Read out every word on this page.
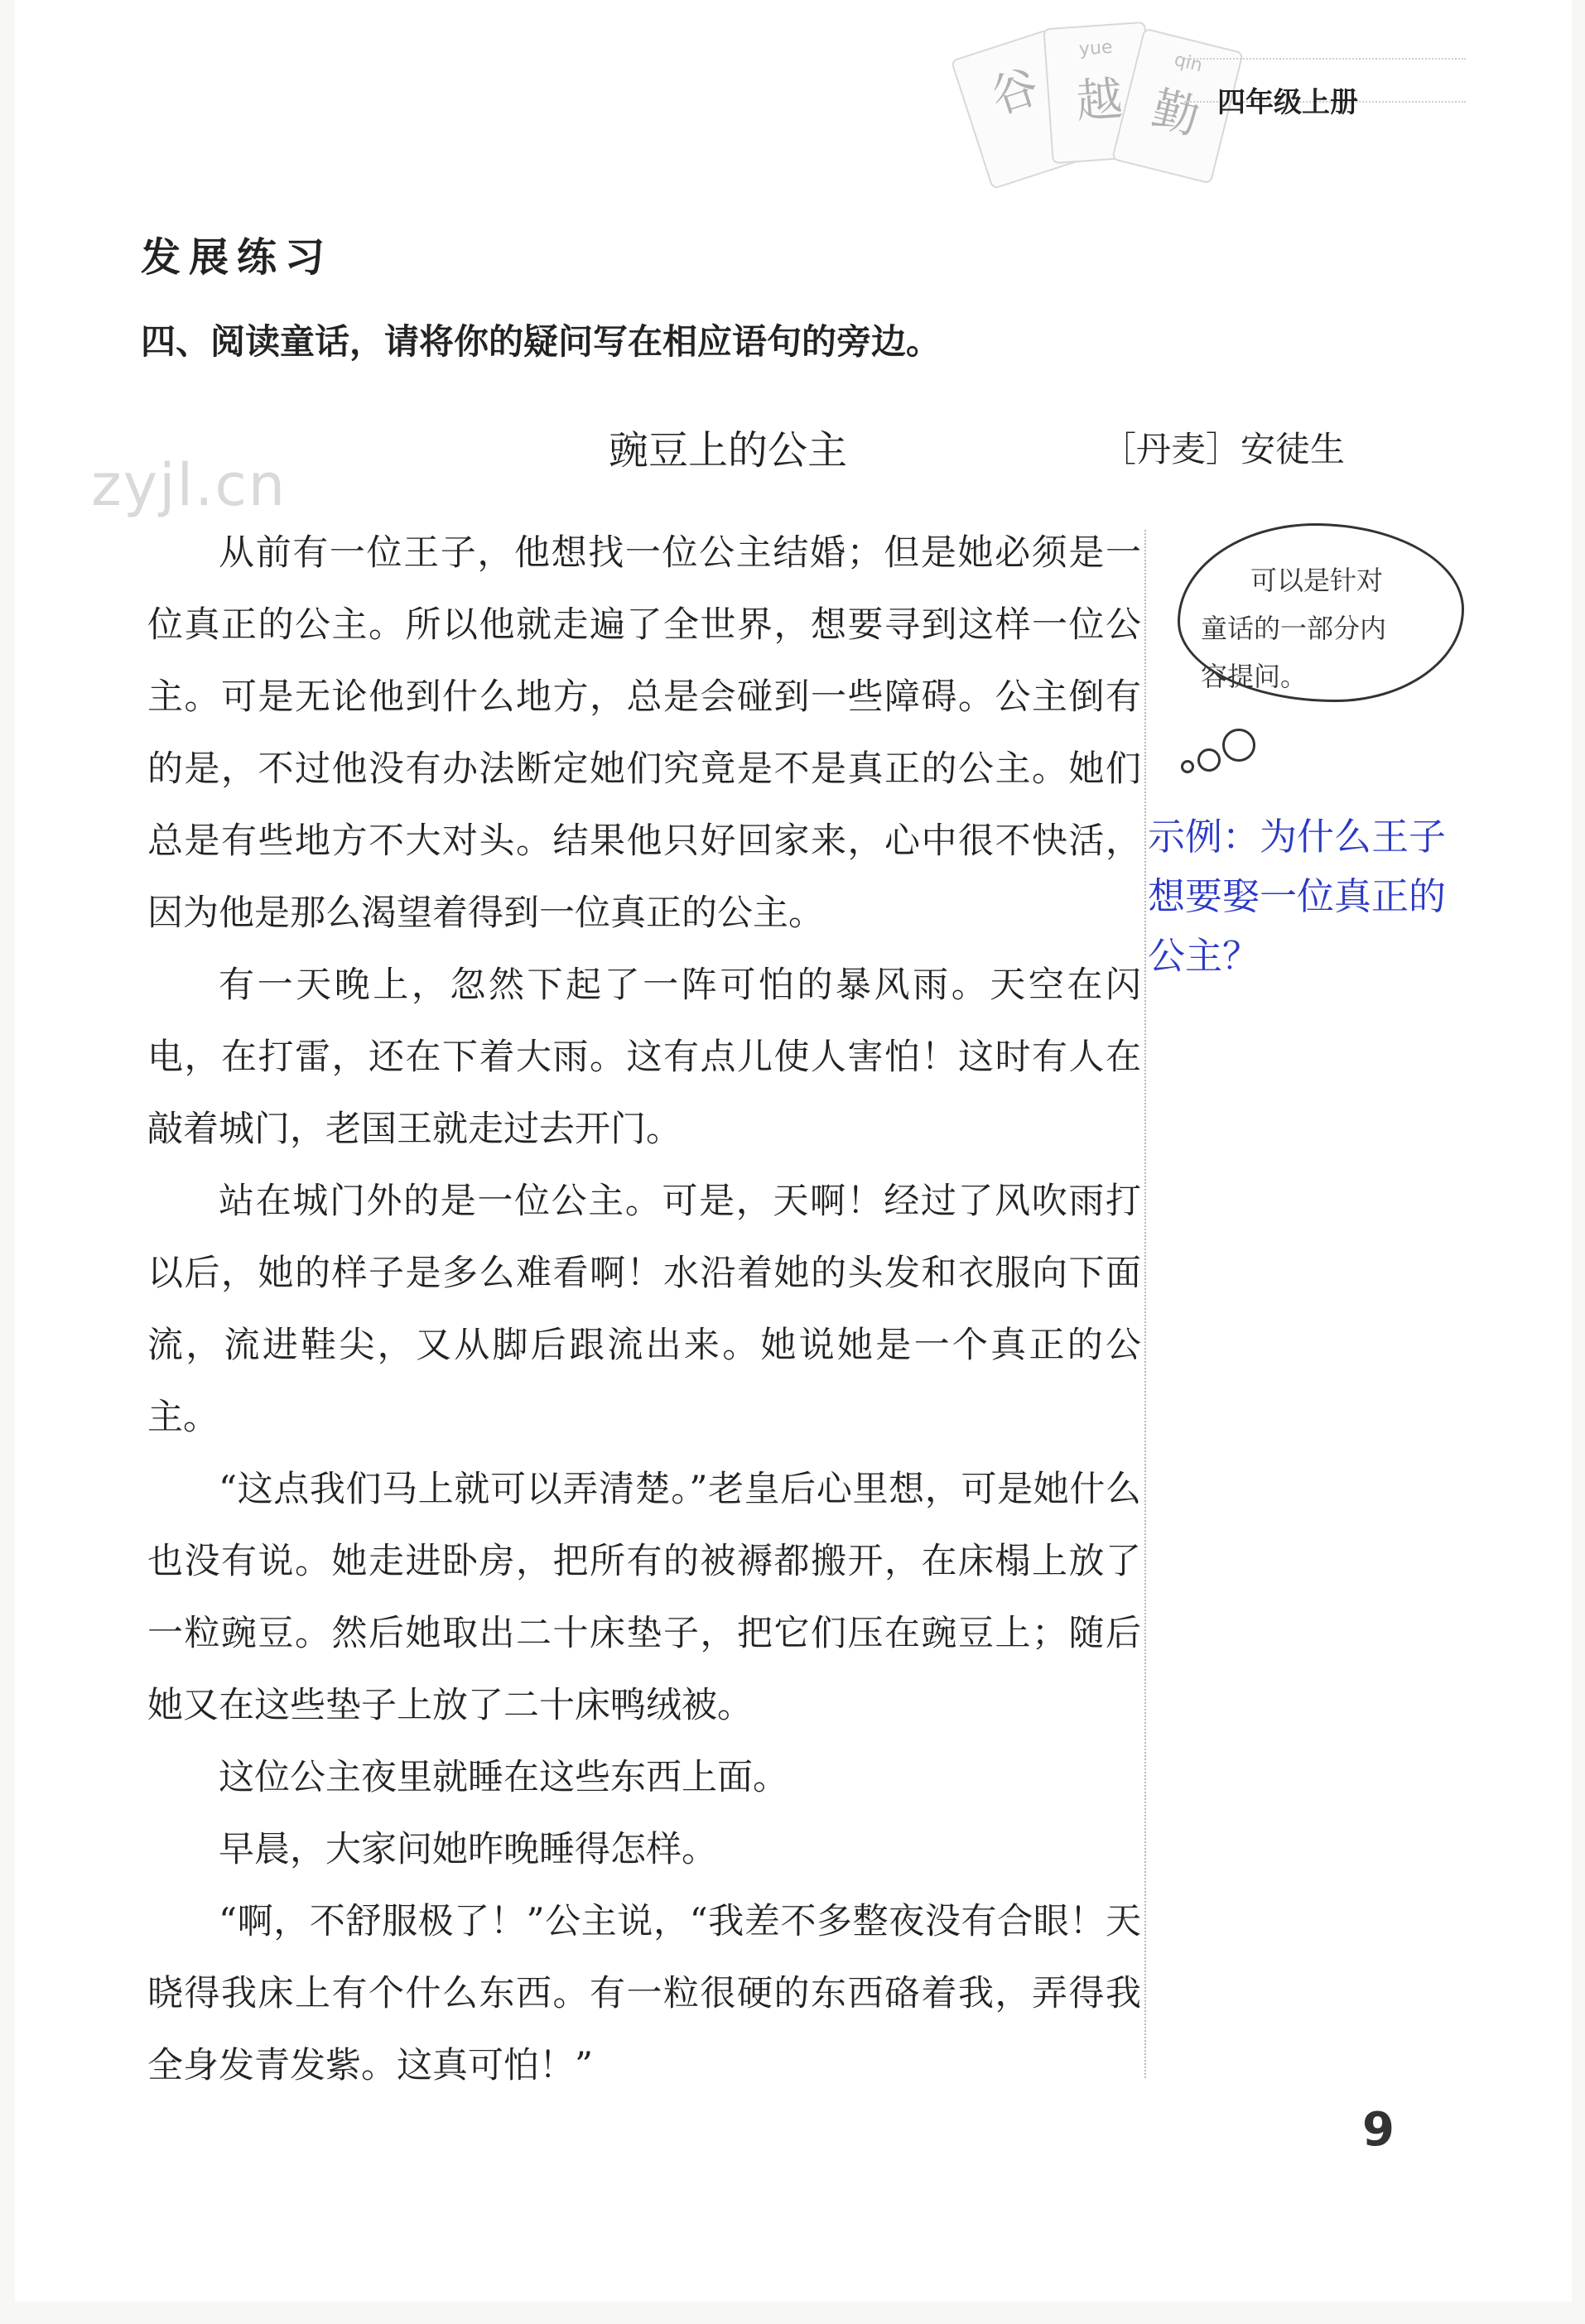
谷
yue
越
qin
勤 四年级上册
zyjl.cn
发展练习
四、阅读童话，请将你的疑问写在相应语句的旁边。
豌豆上的公主	［丹麦］安徒生

从前有一位王子，他想找一位公主结婚；但是她必须是一位真正的公主。所以他就走遍了全世界，想要寻到这样一位公主。可是无论他到什么地方，总是会碰到一些障碍。公主倒有的是，不过他没有办法断定她们究竟是不是真正的公主。她们总是有些地方不大对头。结果他只好回家来，心中很不快活，因为他是那么渴望着得到一位真正的公主。

有一天晚上，忽然下起了一阵可怕的暴风雨。天空在闪电，在打雷，还在下着大雨。这有点儿使人害怕！这时有人在敲着城门，老国王就走过去开门。

站在城门外的是一位公主。可是，天啊！经过了风吹雨打以后，她的样子是多么难看啊！水沿着她的头发和衣服向下面流，流进鞋尖，又从脚后跟流出来。她说她是一个真正的公主。

“这点我们马上就可以弄清楚。”老皇后心里想，可是她什么也没有说。她走进卧房，把所有的被褥都搬开，在床榻上放了一粒豌豆。然后她取出二十床垫子，把它们压在豌豆上；随后她又在这些垫子上放了二十床鸭绒被。

这位公主夜里就睡在这些东西上面。

早晨，大家问她昨晚睡得怎样。

“啊，不舒服极了！”公主说，“我差不多整夜没有合眼！天晓得我床上有个什么东西。有一粒很硬的东西硌着我，弄得我全身发青发紫。这真可怕！”

可以是针对
童话的一部分内
容提问。
示例：为什么王子想要娶一位真正的公主？
9
